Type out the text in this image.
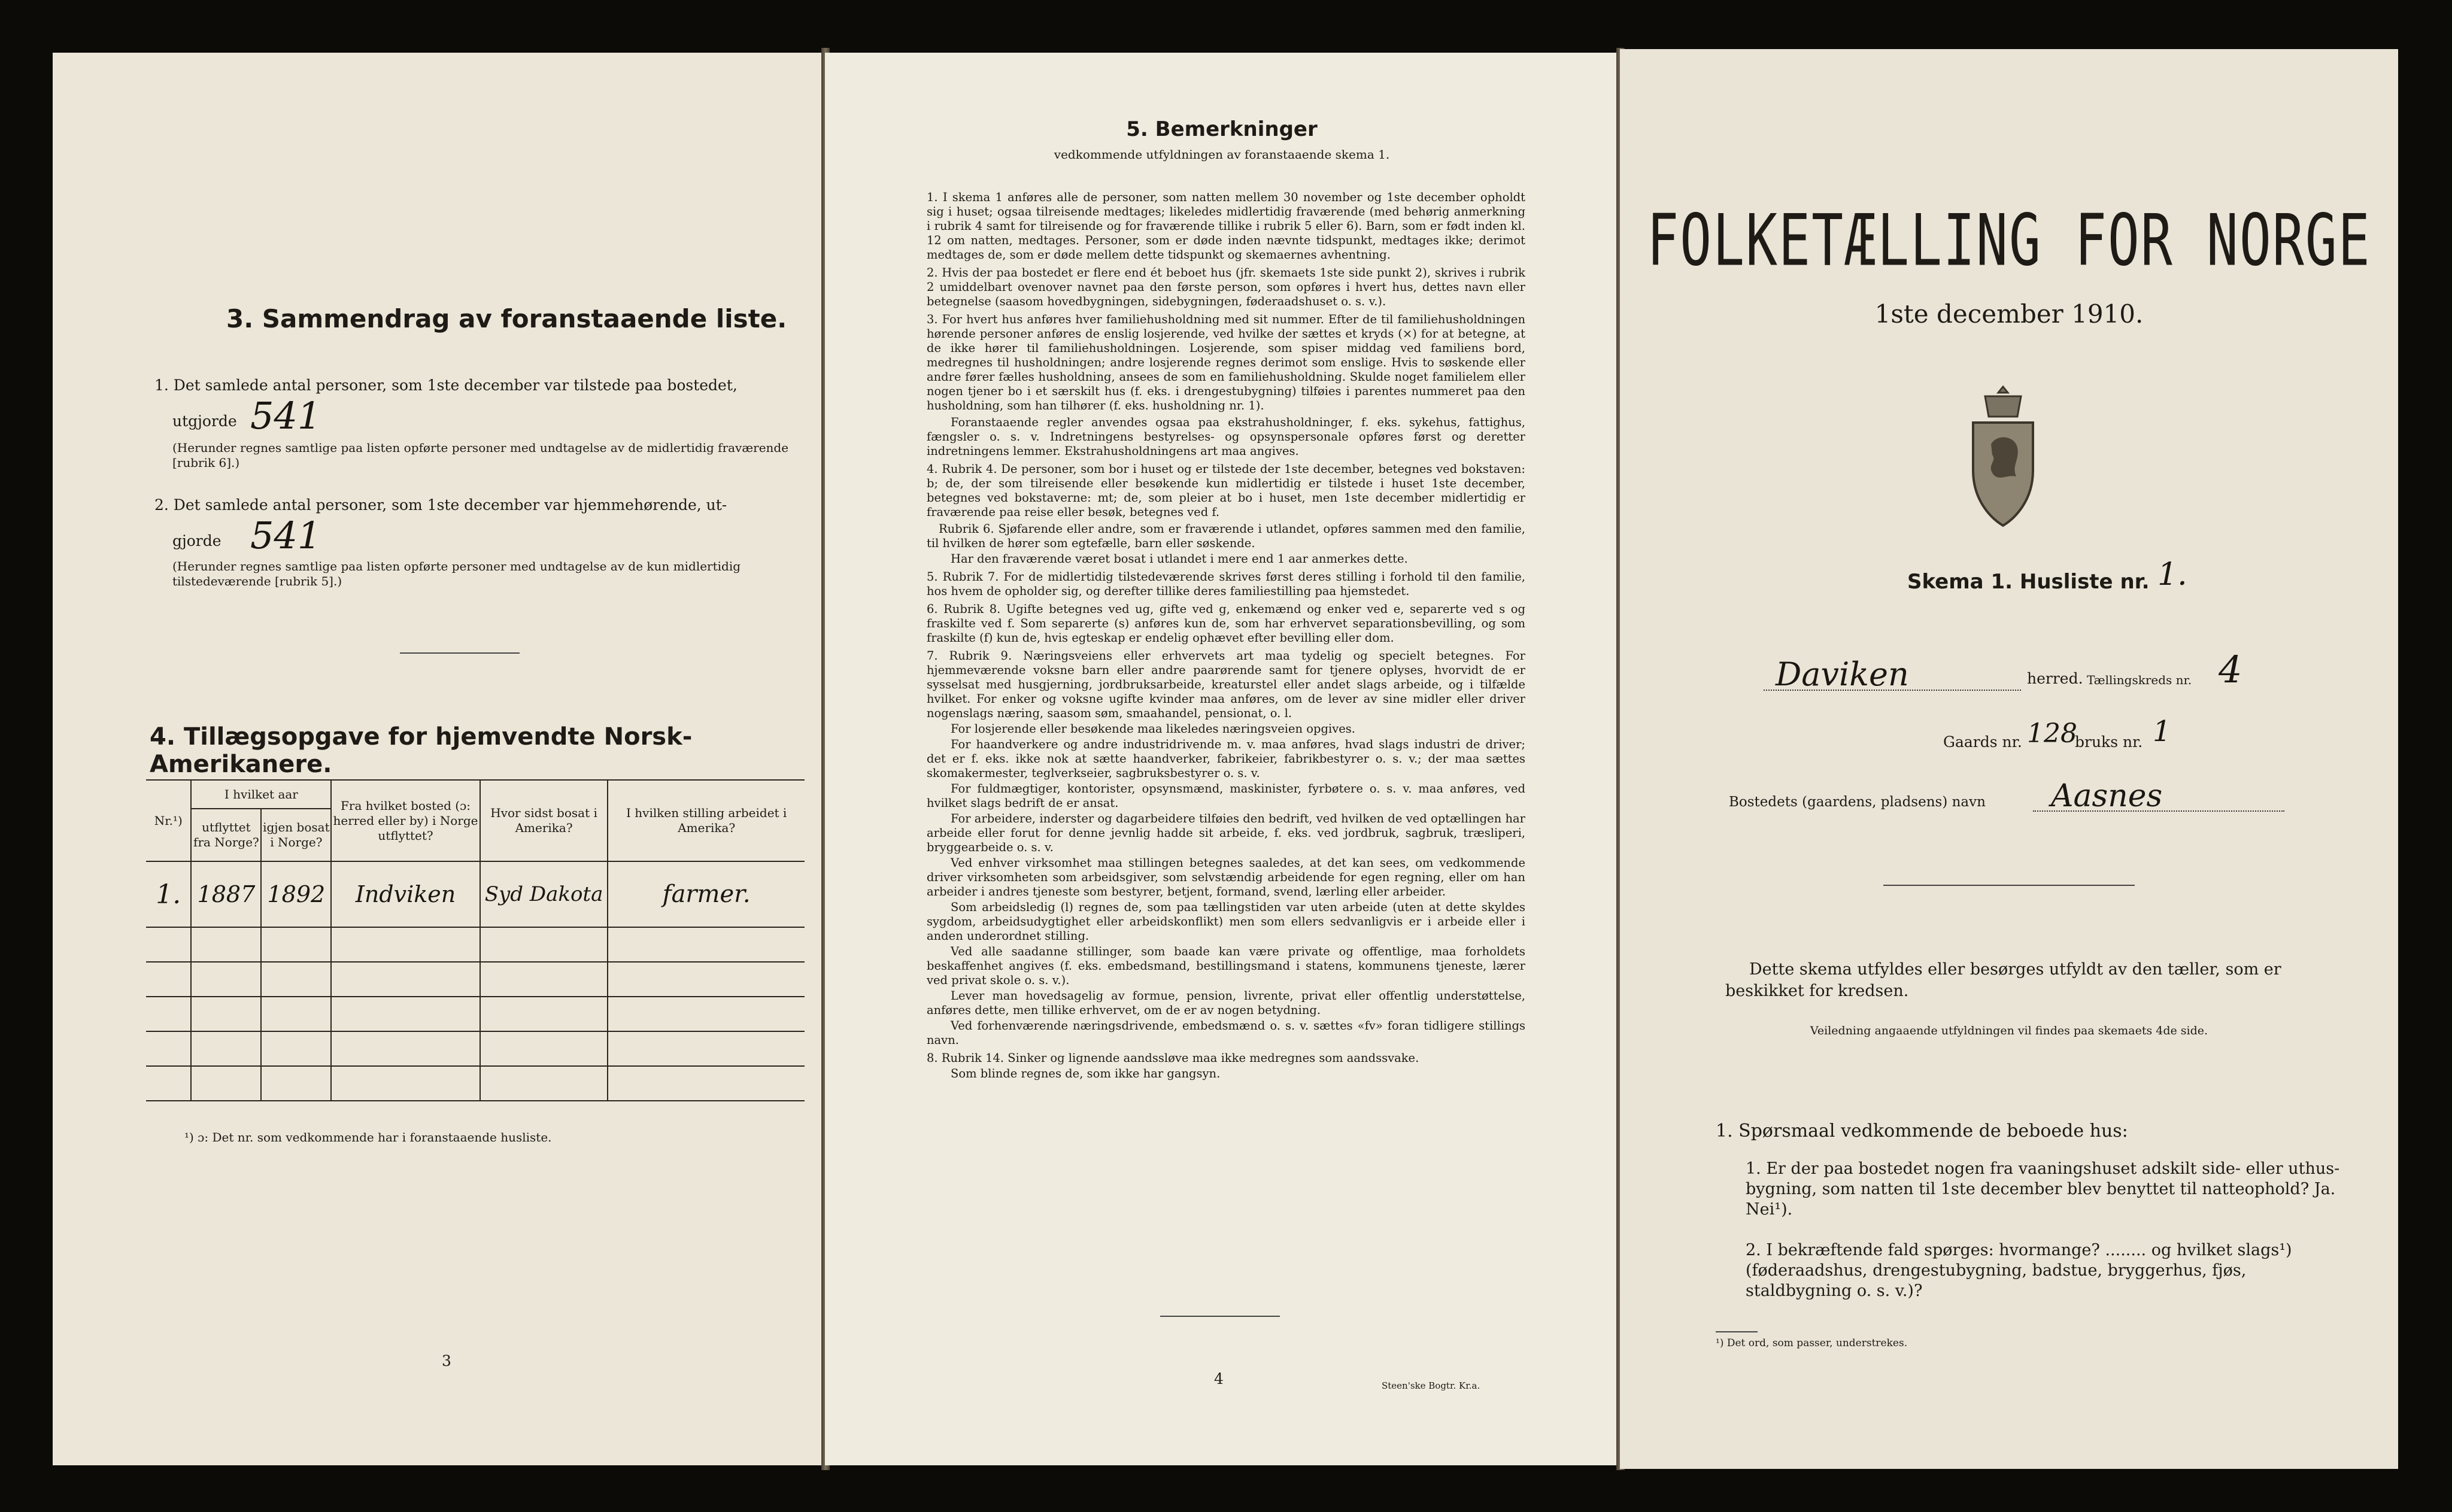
3. Sammendrag av foranstaaende liste.
1. Det samlede antal personer, som 1ste december var tilstede paa bostedet,
utgjorde 541
(Herunder regnes samtlige paa listen opførte personer med undtagelse av de midlertidig fraværende [rubrik 6].)
2. Det samlede antal personer, som 1ste december var hjemmehørende, ut-
gjorde 541
(Herunder regnes samtlige paa listen opførte personer med undtagelse av de kun midlertidig tilstedeværende [rubrik 5].)
4. Tillægsopgave for hjemvendte Norsk-Amerikanere.
Nr.¹)	I hvilket aar		Fra hvilket bosted (ɔ: herred eller by) i Norge utflyttet?	Hvor sidst bosat i Amerika?	I hvilken stilling arbeidet i Amerika?
	utflyttet fra Norge?	igjen bosat i Norge?			
1.	1887	1892	Indviken	Syd Dakota	farmer.

¹) ɔ: Det nr. som vedkommende har i foranstaaende husliste.
3
5. Bemerkninger
vedkommende utfyldningen av foranstaaende skema 1.

1. I skema 1 anføres alle de personer, som natten mellem 30 november og 1ste december opholdt sig i huset; ogsaa tilreisende medtages; likeledes midlertidig fraværende (med behørig anmerkning i rubrik 4 samt for tilreisende og for fraværende tillike i rubrik 5 eller 6). Barn, som er født inden kl. 12 om natten, medtages. Personer, som er døde inden nævnte tidspunkt, medtages ikke; derimot medtages de, som er døde mellem dette tidspunkt og skemaernes avhentning.

2. Hvis der paa bostedet er flere end ét beboet hus (jfr. skemaets 1ste side punkt 2), skrives i rubrik 2 umiddelbart ovenover navnet paa den første person, som opføres i hvert hus, dettes navn eller betegnelse (saasom hovedbygningen, sidebygningen, føderaadshuset o. s. v.).

3. For hvert hus anføres hver familiehusholdning med sit nummer. Efter de til familiehusholdningen hørende personer anføres de enslig losjerende, ved hvilke der sættes et kryds (×) for at betegne, at de ikke hører til familiehusholdningen. Losjerende, som spiser middag ved familiens bord, medregnes til husholdningen; andre losjerende regnes derimot som enslige. Hvis to søskende eller andre fører fælles husholdning, ansees de som en familiehusholdning. Skulde noget familielem eller nogen tjener bo i et særskilt hus (f. eks. i drengestubygning) tilføies i parentes nummeret paa den husholdning, som han tilhører (f. eks. husholdning nr. 1).

Foranstaaende regler anvendes ogsaa paa ekstrahusholdninger, f. eks. sykehus, fattighus, fængsler o. s. v. Indretningens bestyrelses- og opsynspersonale opføres først og deretter indretningens lemmer. Ekstrahusholdningens art maa angives.

4. Rubrik 4. De personer, som bor i huset og er tilstede der 1ste december, betegnes ved bokstaven: b; de, der som tilreisende eller besøkende kun midlertidig er tilstede i huset 1ste december, betegnes ved bokstaverne: mt; de, som pleier at bo i huset, men 1ste december midlertidig er fraværende paa reise eller besøk, betegnes ved f.

Rubrik 6. Sjøfarende eller andre, som er fraværende i utlandet, opføres sammen med den familie, til hvilken de hører som egtefælle, barn eller søskende.

Har den fraværende været bosat i utlandet i mere end 1 aar anmerkes dette.

5. Rubrik 7. For de midlertidig tilstedeværende skrives først deres stilling i forhold til den familie, hos hvem de opholder sig, og derefter tillike deres familiestilling paa hjemstedet.

6. Rubrik 8. Ugifte betegnes ved ug, gifte ved g, enkemænd og enker ved e, separerte ved s og fraskilte ved f. Som separerte (s) anføres kun de, som har erhvervet separationsbevilling, og som fraskilte (f) kun de, hvis egteskap er endelig ophævet efter bevilling eller dom.

7. Rubrik 9. Næringsveiens eller erhvervets art maa tydelig og specielt betegnes. For hjemmeværende voksne barn eller andre paarørende samt for tjenere oplyses, hvorvidt de er sysselsat med husgjerning, jordbruksarbeide, kreaturstel eller andet slags arbeide, og i tilfælde hvilket. For enker og voksne ugifte kvinder maa anføres, om de lever av sine midler eller driver nogenslags næring, saasom søm, smaahandel, pensionat, o. l.

For losjerende eller besøkende maa likeledes næringsveien opgives.

For haandverkere og andre industridrivende m. v. maa anføres, hvad slags industri de driver; det er f. eks. ikke nok at sætte haandverker, fabrikeier, fabrikbestyrer o. s. v.; der maa sættes skomakermester, teglverkseier, sagbruksbestyrer o. s. v.

For fuldmægtiger, kontorister, opsynsmænd, maskinister, fyrbøtere o. s. v. maa anføres, ved hvilket slags bedrift de er ansat.

For arbeidere, inderster og dagarbeidere tilføies den bedrift, ved hvilken de ved optællingen har arbeide eller forut for denne jevnlig hadde sit arbeide, f. eks. ved jordbruk, sagbruk, træsliperi, bryggearbeide o. s. v.

Ved enhver virksomhet maa stillingen betegnes saaledes, at det kan sees, om vedkommende driver virksomheten som arbeidsgiver, som selvstændig arbeidende for egen regning, eller om han arbeider i andres tjeneste som bestyrer, betjent, formand, svend, lærling eller arbeider.

Som arbeidsledig (l) regnes de, som paa tællingstiden var uten arbeide (uten at dette skyldes sygdom, arbeidsudygtighet eller arbeidskonflikt) men som ellers sedvanligvis er i arbeide eller i anden underordnet stilling.

Ved alle saadanne stillinger, som baade kan være private og offentlige, maa forholdets beskaffenhet angives (f. eks. embedsmand, bestillingsmand i statens, kommunens tjeneste, lærer ved privat skole o. s. v.).

Lever man hovedsagelig av formue, pension, livrente, privat eller offentlig understøttelse, anføres dette, men tillike erhvervet, om de er av nogen betydning.

Ved forhenværende næringsdrivende, embedsmænd o. s. v. sættes «fv» foran tidligere stillings navn.

8. Rubrik 14. Sinker og lignende aandssløve maa ikke medregnes som aandssvake.

Som blinde regnes de, som ikke har gangsyn.

4	Steen'ske Bogtr. Kr.a.
FOLKETÆLLING FOR NORGE
1ste december 1910.
Skema 1. Husliste nr. 1.
Daviken	herred. Tællingskreds nr. 4
Gaards nr. 128
bruks nr. 1
Bostedets (gaardens, pladsens) navn Aasnes
Dette skema utfyldes eller besørges utfyldt av den tæller, som er beskikket for kredsen.
Veiledning angaaende utfyldningen vil findes paa skemaets 4de side.
1. Spørsmaal vedkommende de beboede hus:
1. Er der paa bostedet nogen fra vaaningshuset adskilt side- eller uthus-bygning, som natten til 1ste december blev benyttet til natteophold? Ja. Nei¹).
2. I bekræftende fald spørges: hvormange? ........ og hvilket slags¹) (føderaadshus, drengestubygning, badstue, bryggerhus, fjøs, staldbygning o. s. v.)?
¹) Det ord, som passer, understrekes.
